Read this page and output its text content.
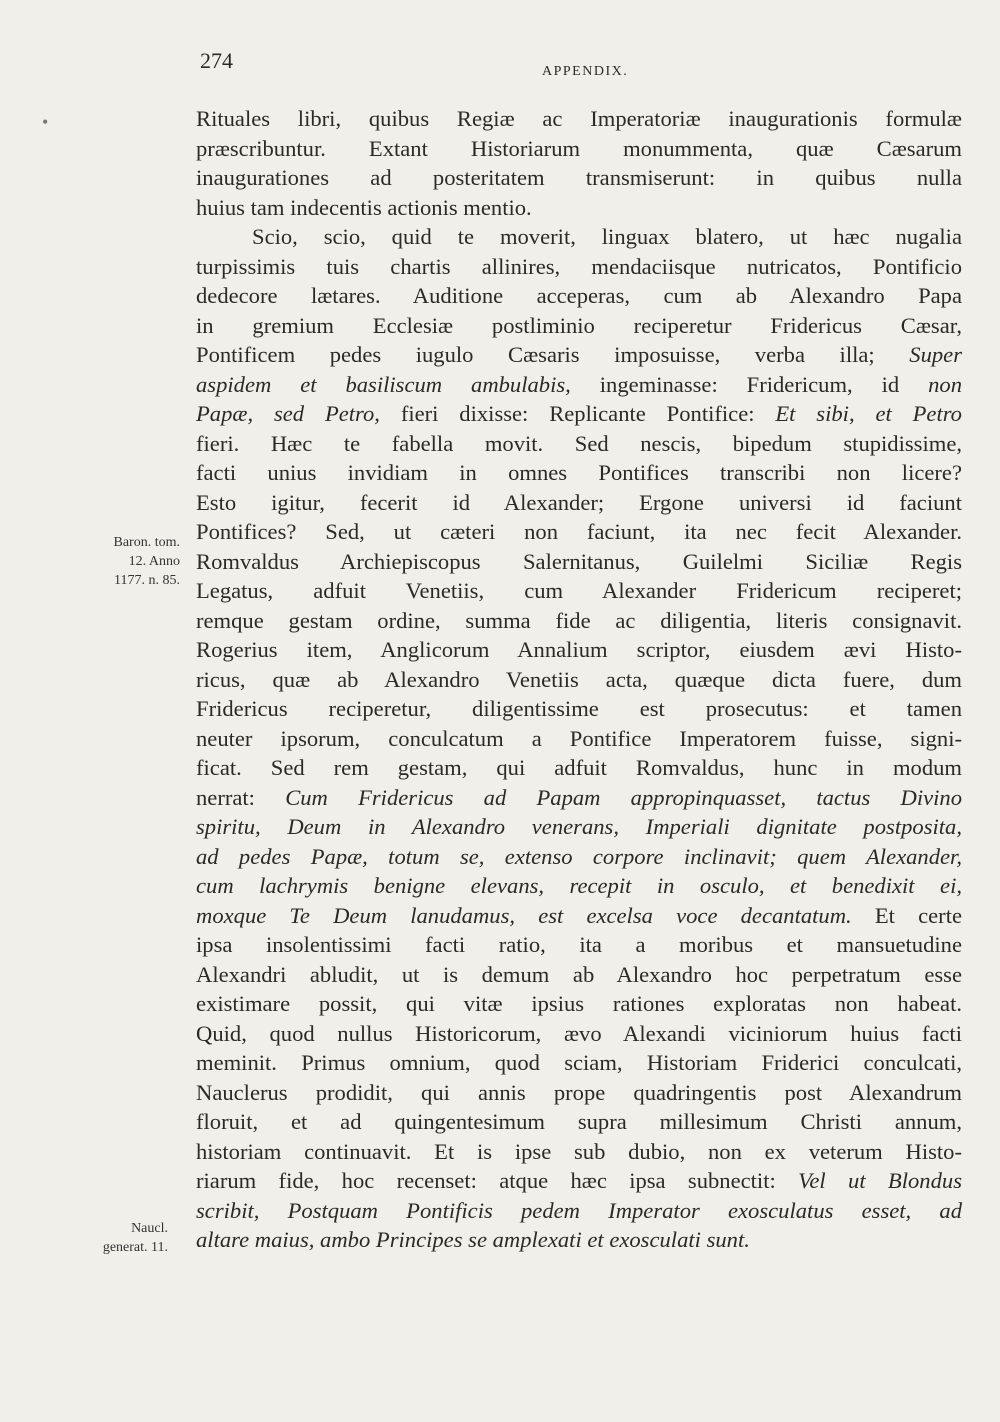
274	APPENDIX.
•
Baron. tom.
12. Anno
1177. n. 85.
Naucl.
generat. 11.
Rituales libri, quibus Regiæ ac Imperatoriæ inaugurationis formulæ
præscribuntur. Extant Historiarum monummenta, quæ Cæsarum
inaugurationes ad posteritatem transmiserunt: in quibus nulla
huius tam indecentis actionis mentio.
Scio, scio, quid te moverit, linguax blatero, ut hæc nugalia
turpissimis tuis chartis allinires, mendaciisque nutricatos, Pontificio
dedecore lætares. Auditione acceperas, cum ab Alexandro Papa
in gremium Ecclesiæ postliminio reciperetur Fridericus Cæsar,
Pontificem pedes iugulo Cæsaris imposuisse, verba illa; Super
aspidem et basiliscum ambulabis, ingeminasse: Fridericum, id non
Papæ, sed Petro, fieri dixisse: Replicante Pontifice: Et sibi, et Petro
fieri. Hæc te fabella movit. Sed nescis, bipedum stupidissime,
facti unius invidiam in omnes Pontifices transcribi non licere?
Esto igitur, fecerit id Alexander; Ergone universi id faciunt
Pontifices? Sed, ut cæteri non faciunt, ita nec fecit Alexander.
Romvaldus Archiepiscopus Salernitanus, Guilelmi Siciliæ Regis
Legatus, adfuit Venetiis, cum Alexander Fridericum reciperet;
remque gestam ordine, summa fide ac diligentia, literis consignavit.
Rogerius item, Anglicorum Annalium scriptor, eiusdem ævi Histo-
ricus, quæ ab Alexandro Venetiis acta, quæque dicta fuere, dum
Fridericus reciperetur, diligentissime est prosecutus: et tamen
neuter ipsorum, conculcatum a Pontifice Imperatorem fuisse, signi-
ficat. Sed rem gestam, qui adfuit Romvaldus, hunc in modum
nerrat: Cum Fridericus ad Papam appropinquasset, tactus Divino
spiritu, Deum in Alexandro venerans, Imperiali dignitate postposita,
ad pedes Papæ, totum se, extenso corpore inclinavit; quem Alexander,
cum lachrymis benigne elevans, recepit in osculo, et benedixit ei,
moxque Te Deum lanudamus, est excelsa voce decantatum. Et certe
ipsa insolentissimi facti ratio, ita a moribus et mansuetudine
Alexandri abludit, ut is demum ab Alexandro hoc perpetratum esse
existimare possit, qui vitæ ipsius rationes exploratas non habeat.
Quid, quod nullus Historicorum, ævo Alexandi viciniorum huius facti
meminit. Primus omnium, quod sciam, Historiam Friderici conculcati,
Nauclerus prodidit, qui annis prope quadringentis post Alexandrum
floruit, et ad quingentesimum supra millesimum Christi annum,
historiam continuavit. Et is ipse sub dubio, non ex veterum Histo-
riarum fide, hoc recenset: atque hæc ipsa subnectit: Vel ut Blondus
scribit, Postquam Pontificis pedem Imperator exosculatus esset, ad
altare maius, ambo Principes se amplexati et exosculati sunt.
